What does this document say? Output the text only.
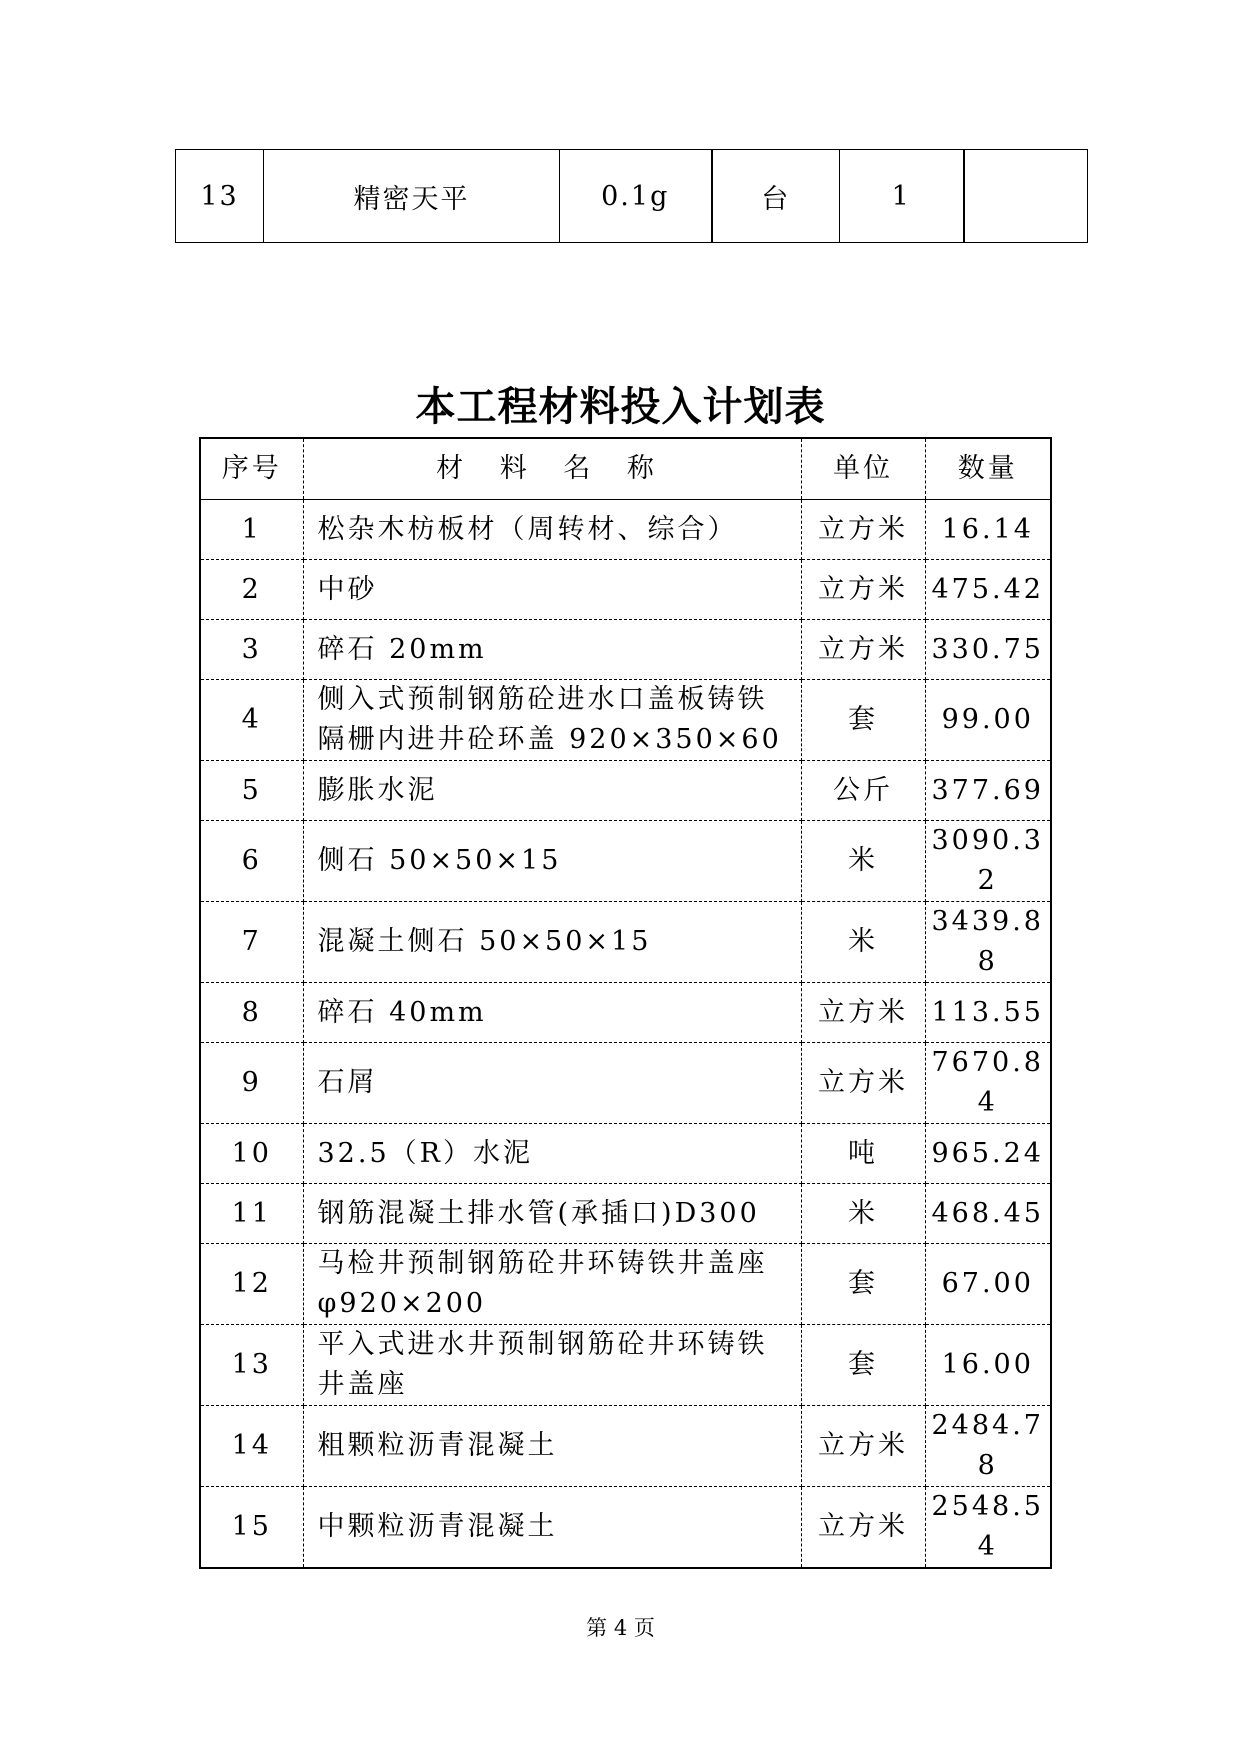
13	精密天平	0.1g	台	1	
本工程材料投入计划表
序号	材 料 名 称	单位	数量
1	松杂木枋板材（周转材、综合）	立方米	16.14
2	中砂	立方米	475.42
3	碎石 20mm	立方米	330.75
4	侧入式预制钢筋砼进水口盖板铸铁隔栅内进井砼环盖 920×350×60	套	99.00
5	膨胀水泥	公斤	377.69
6	侧石 50×50×15	米	3090.32
7	混凝土侧石 50×50×15	米	3439.88
8	碎石 40mm	立方米	113.55
9	石屑	立方米	7670.84
10	32.5（R）水泥	吨	965.24
11	钢筋混凝土排水管(承插口)D300	米	468.45
12	马检井预制钢筋砼井环铸铁井盖座 φ920×200	套	67.00
13	平入式进水井预制钢筋砼井环铸铁井盖座	套	16.00
14	粗颗粒沥青混凝土	立方米	2484.78
15	中颗粒沥青混凝土	立方米	2548.54
第 4 页
